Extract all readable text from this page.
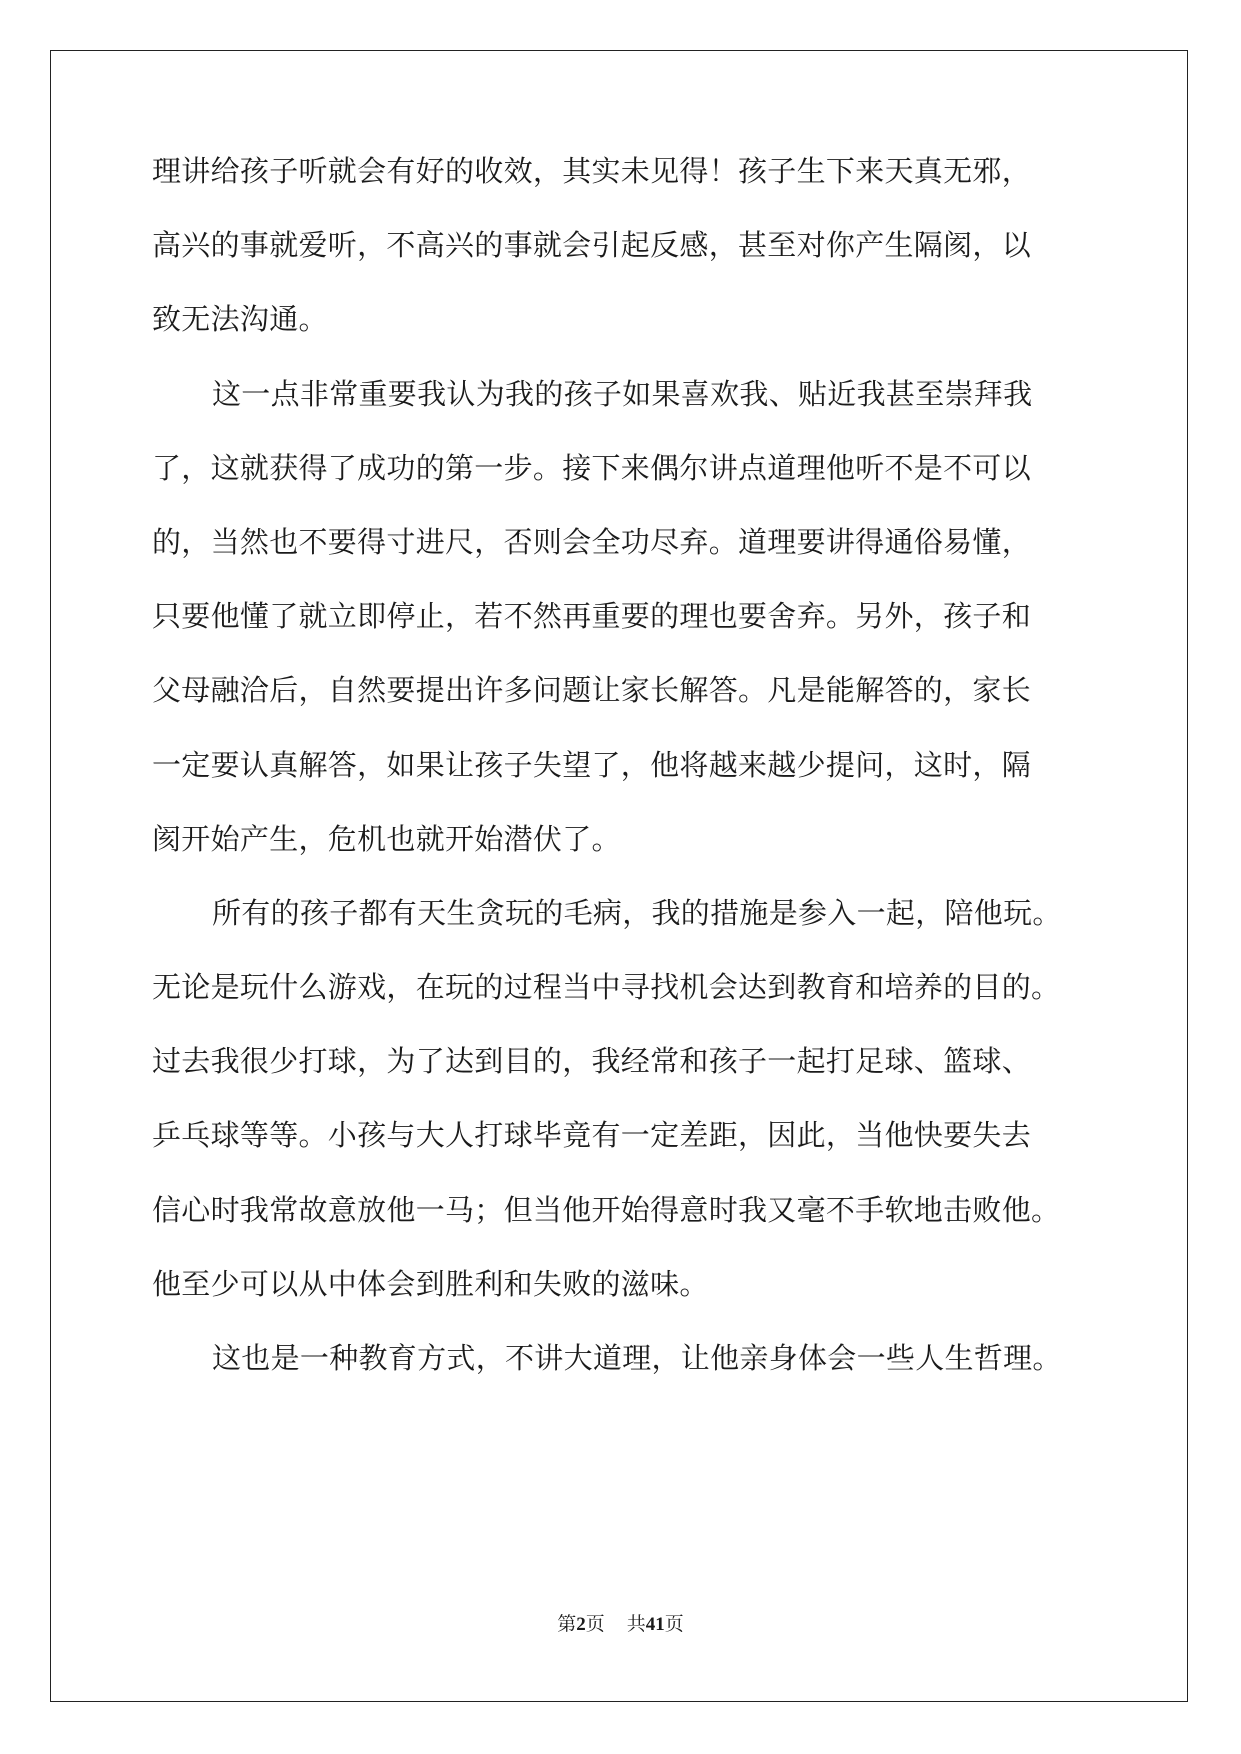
理讲给孩子听就会有好的收效，其实未见得！孩子生下来天真无邪，
高兴的事就爱听，不高兴的事就会引起反感，甚至对你产生隔阂，以
致无法沟通。
这一点非常重要我认为我的孩子如果喜欢我、贴近我甚至崇拜我
了，这就获得了成功的第一步。接下来偶尔讲点道理他听不是不可以
的，当然也不要得寸进尺，否则会全功尽弃。道理要讲得通俗易懂，
只要他懂了就立即停止，若不然再重要的理也要舍弃。另外，孩子和
父母融洽后，自然要提出许多问题让家长解答。凡是能解答的，家长
一定要认真解答，如果让孩子失望了，他将越来越少提问，这时，隔
阂开始产生，危机也就开始潜伏了。
所有的孩子都有天生贪玩的毛病，我的措施是参入一起，陪他玩。
无论是玩什么游戏，在玩的过程当中寻找机会达到教育和培养的目的。
过去我很少打球，为了达到目的，我经常和孩子一起打足球、篮球、
乒乓球等等。小孩与大人打球毕竟有一定差距，因此，当他快要失去
信心时我常故意放他一马；但当他开始得意时我又毫不手软地击败他。
他至少可以从中体会到胜利和失败的滋味。
这也是一种教育方式，不讲大道理，让他亲身体会一些人生哲理。
第2页 共41页
